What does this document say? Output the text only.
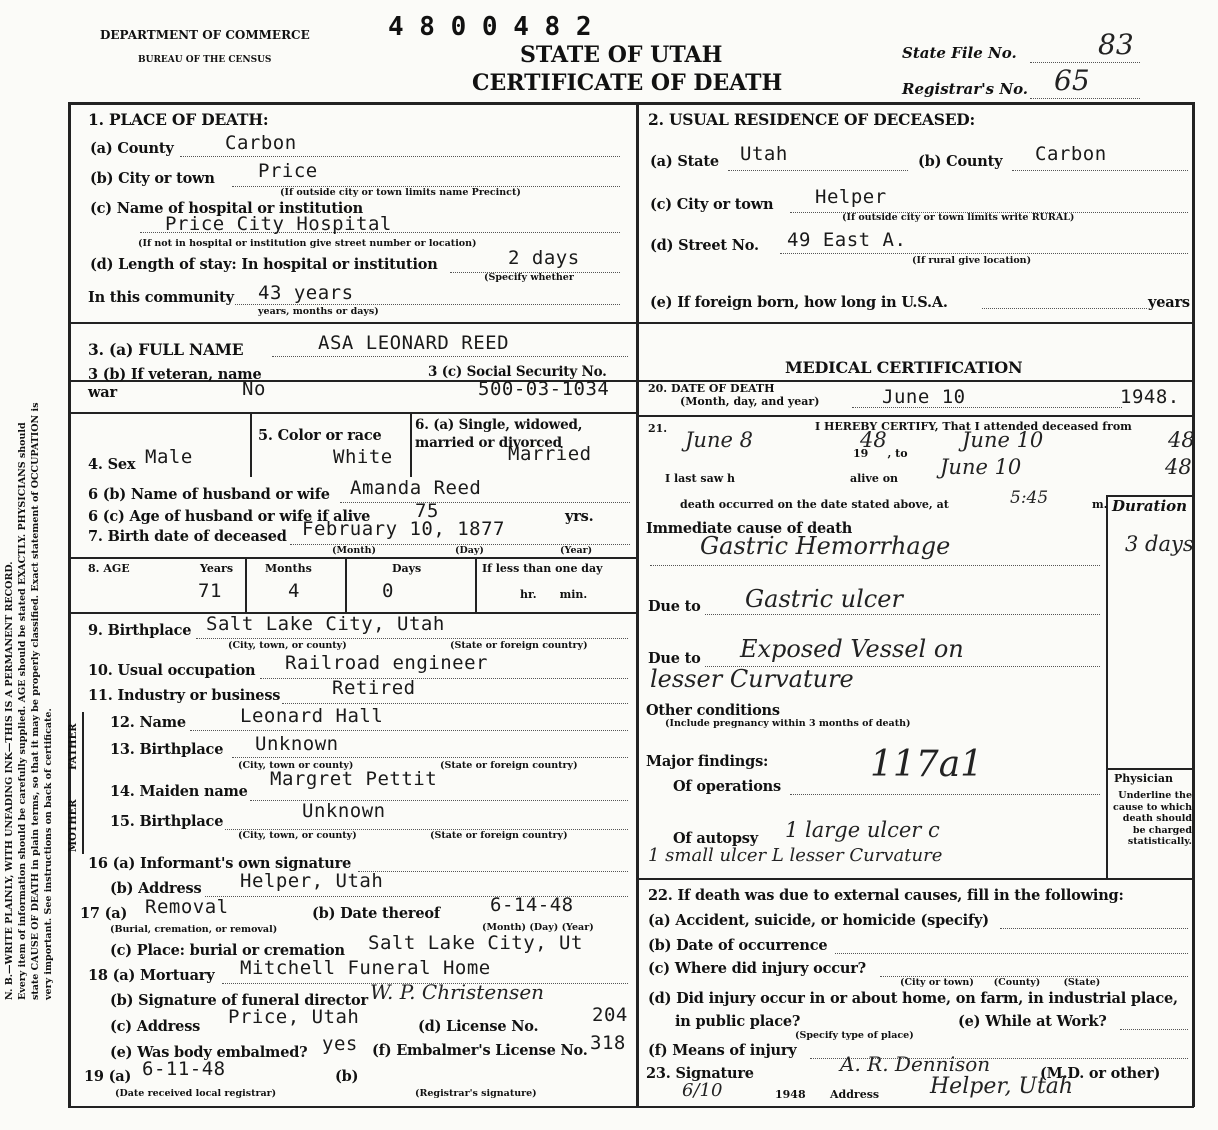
N. B.—WRITE PLAINLY, WITH UNFADING INK—THIS IS A PERMANENT RECORD. Every item of information should be carefully supplied. AGE should be stated EXACTLY. PHYSICIANS should state CAUSE OF DEATH in plain terms, so that it may be properly classified. Exact statement of OCCUPATION is very important. See instructions on back of certificate.
DEPARTMENT OF COMMERCE
BUREAU OF THE CENSUS
4 8 0 0 4 8 2
STATE OF UTAH
CERTIFICATE OF DEATH
State File No.	83
Registrar's No. 65
1. PLACE OF DEATH:
(a) County	Carbon
(b) City or town Price
(If outside city or town limits name Precinct)
(c) Name of hospital or institution
Price City Hospital
(If not in hospital or institution give street number or location)
(d) Length of stay: In hospital or institution	2 days
(Specify whether
In this community 43 years
years, months or days)
2. USUAL RESIDENCE OF DECEASED:
(a) State Utah	(b) County Carbon
(c) City or town Helper
(If outside city or town limits write RURAL)
(d) Street No. 49 East A.
(If rural give location)
(e) If foreign born, how long in U.S.A.	years
3. (a) FULL NAME	ASA LEONARD REED
3 (b) If veteran, name war	No
3 (c) Social Security No.
500-03-1034
4. Sex Male
5. Color or race
White
6. (a) Single, widowed, married or divorced
Married
6 (b) Name of husband or wife Amanda Reed
6 (c) Age of husband or wife if alive 75	yrs.
7. Birth date of deceased February 10, 1877
(Month)	(Day)	(Year)
8. AGE	Years	Months	Days	If less than one day
71	4	0	hr.      min.
9. Birthplace Salt Lake City, Utah
(City, town, or county)	(State or foreign country)
10. Usual occupation Railroad engineer
11. Industry or business	Retired
FATHER
MOTHER
12. Name	Leonard Hall
13. Birthplace Unknown
(City, town or county)	(State or foreign country)
14. Maiden name
Margret Pettit
15. Birthplace	Unknown
(City, town, or county)	(State or foreign country)
16 (a) Informant's own signature
(b) Address Helper, Utah
17 (a) Removal
(Burial, cremation, or removal)
(b) Date thereof	6-14-48
(Month) (Day) (Year)
(c) Place: burial or cremation Salt Lake City, Ut
18 (a) Mortuary Mitchell Funeral Home
(b) Signature of funeral director W. P. Christensen
(c) Address Price, Utah	(d) License No.
204
(e) Was body embalmed? yes (f) Embalmer's License No. 318
19 (a) 6-11-48
(Date received local registrar)
(b)
(Registrar's signature)
MEDICAL CERTIFICATION
20. DATE OF DEATH
(Month, day, and year)	June 10	1948.
21.	I HEREBY CERTIFY, That I attended deceased from
June 8	48
19     , to
June 10	48
I last saw h	alive on June 10	48
death occurred on the date stated above, at	5:45	m. Duration
Immediate cause of death
Gastric Hemorrhage	3 days
Due to Gastric ulcer
Due to Exposed Vessel on
lesser Curvature
Other conditions
(Include pregnancy within 3 months of death)
Major findings:
Of operations
117a1
Of autopsy 1 large ulcer c
1 small ulcer L lesser Curvature
Physician
Underline the cause to which death should be charged statistically.
22. If death was due to external causes, fill in the following:
(a) Accident, suicide, or homicide (specify)
(b) Date of occurrence
(c) Where did injury occur?
(City or town)      (County)       (State)
(d) Did injury occur in or about home, on farm, in industrial place,
in public place?
(Specify type of place)
(e) While at Work?
(f) Means of injury
23. Signature	A. R. Dennison	(M.D. or other)
6/10	1948 Address Helper, Utah
